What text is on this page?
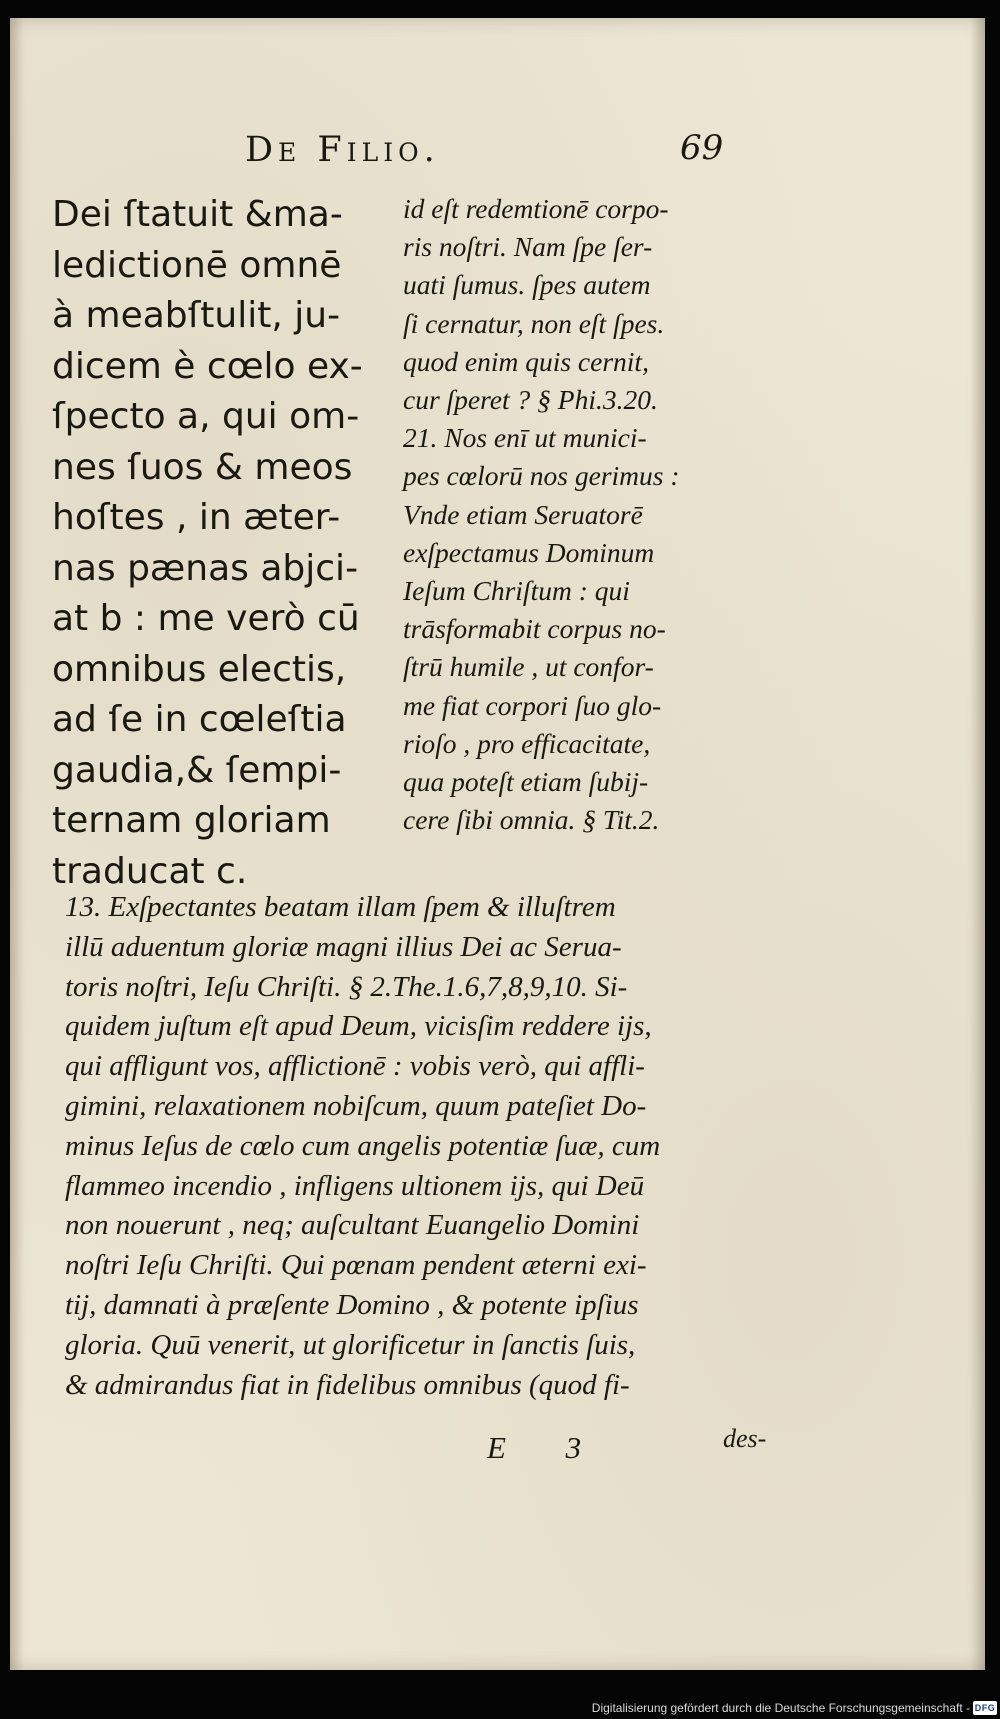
De Filio.	69
Dei ſtatuit &ma-
ledictionē omnē
à meabſtulit, ju-
dicem è cœlo ex-
ſpecto a, qui om-
nes ſuos & meos
hoſtes , in æter-
nas pænas abjci-
at b : me verò cū
omnibus electis,
ad ſe in cœleſtia
gaudia,& ſempi-
ternam gloriam
traducat c.
id eſt redemtionē corpo-
ris noſtri. Nam ſpe ſer-
uati ſumus. ſpes autem
ſi cernatur, non eſt ſpes.
quod enim quis cernit,
cur ſperet ? § Phi.3.20.
21. Nos enī ut munici-
pes cœlorū nos gerimus :
Vnde etiam Seruatorē
exſpectamus Dominum
Ieſum Chriſtum : qui
trāsformabit corpus no-
ſtrū humile , ut confor-
me fiat corpori ſuo glo-
rioſo , pro efficacitate,
qua poteſt etiam ſubij-
cere ſibi omnia. § Tit.2.
13. Exſpectantes beatam illam ſpem & illuſtrem
illū aduentum gloriæ magni illius Dei ac Serua-
toris noſtri, Ieſu Chriſti. § 2.The.1.6,7,8,9,10. Si-
quidem juſtum eſt apud Deum, vicisſim reddere ijs,
qui affligunt vos, afflictionē : vobis verò, qui affli-
gimini, relaxationem nobiſcum, quum pateſiet Do-
minus Ieſus de cœlo cum angelis potentiæ ſuæ, cum
flammeo incendio , infligens ultionem ijs, qui Deū
non nouerunt , neq; auſcultant Euangelio Domini
noſtri Ieſu Chriſti. Qui pœnam pendent æterni exi-
tij, damnati à præſente Domino , & potente ipſius
gloria. Quū venerit, ut glorificetur in ſanctis ſuis,
& admirandus fiat in fidelibus omnibus (quod fi-
E 3	des-
Digitalisierung gefördert durch die Deutsche Forschungsgemeinschaft - DFG
